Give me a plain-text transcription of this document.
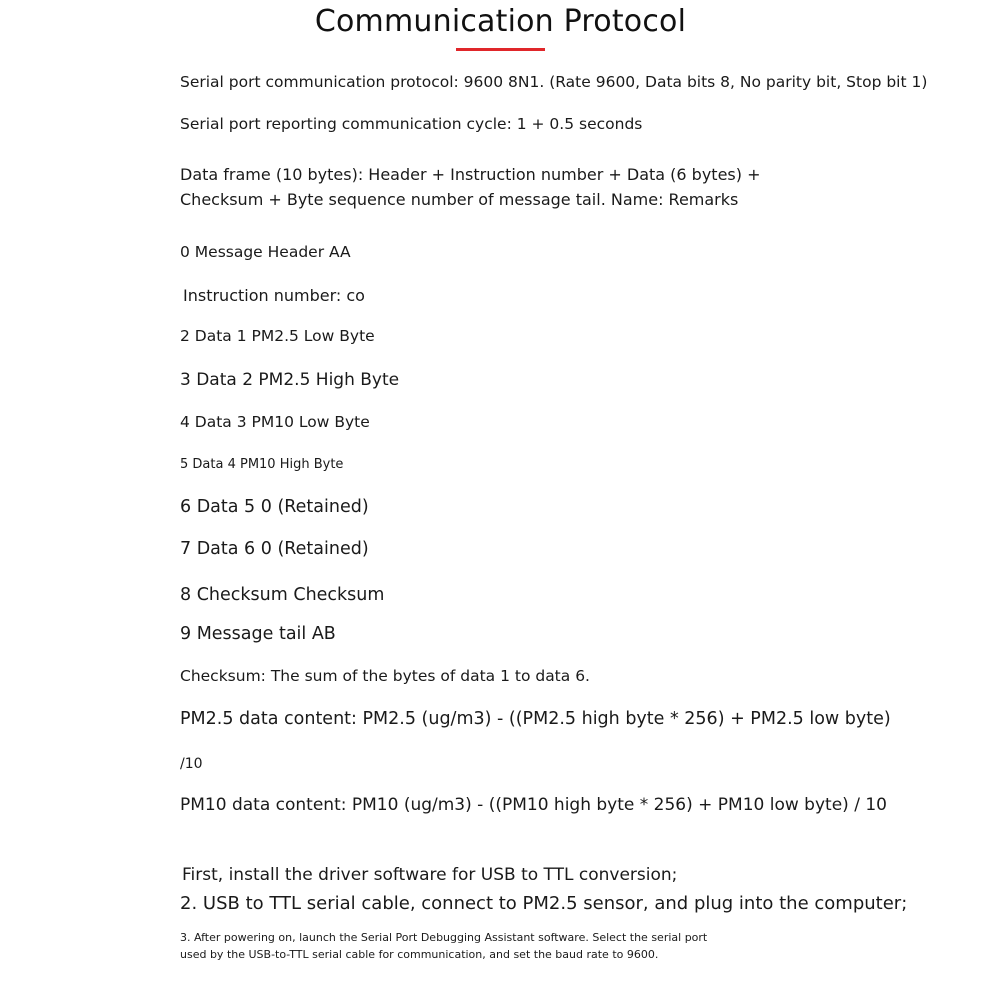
Communication Protocol
Serial port communication protocol: 9600 8N1. (Rate 9600, Data bits 8, No parity bit, Stop bit 1)
Serial port reporting communication cycle: 1 + 0.5 seconds
Data frame (10 bytes): Header + Instruction number + Data (6 bytes) +
Checksum + Byte sequence number of message tail. Name: Remarks
0 Message Header AA
Instruction number: co
2 Data 1 PM2.5 Low Byte
3 Data 2 PM2.5 High Byte
4 Data 3 PM10 Low Byte
5 Data 4 PM10 High Byte
6 Data 5 0 (Retained)
7 Data 6 0 (Retained)
8 Checksum Checksum
9 Message tail AB
Checksum: The sum of the bytes of data 1 to data 6.
PM2.5 data content: PM2.5 (ug/m3) - ((PM2.5 high byte * 256) + PM2.5 low byte)
/10
PM10 data content: PM10 (ug/m3) - ((PM10 high byte * 256) + PM10 low byte) / 10
First, install the driver software for USB to TTL conversion;
2. USB to TTL serial cable, connect to PM2.5 sensor, and plug into the computer;
3. After powering on, launch the Serial Port Debugging Assistant software. Select the serial port
used by the USB-to-TTL serial cable for communication, and set the baud rate to 9600.
